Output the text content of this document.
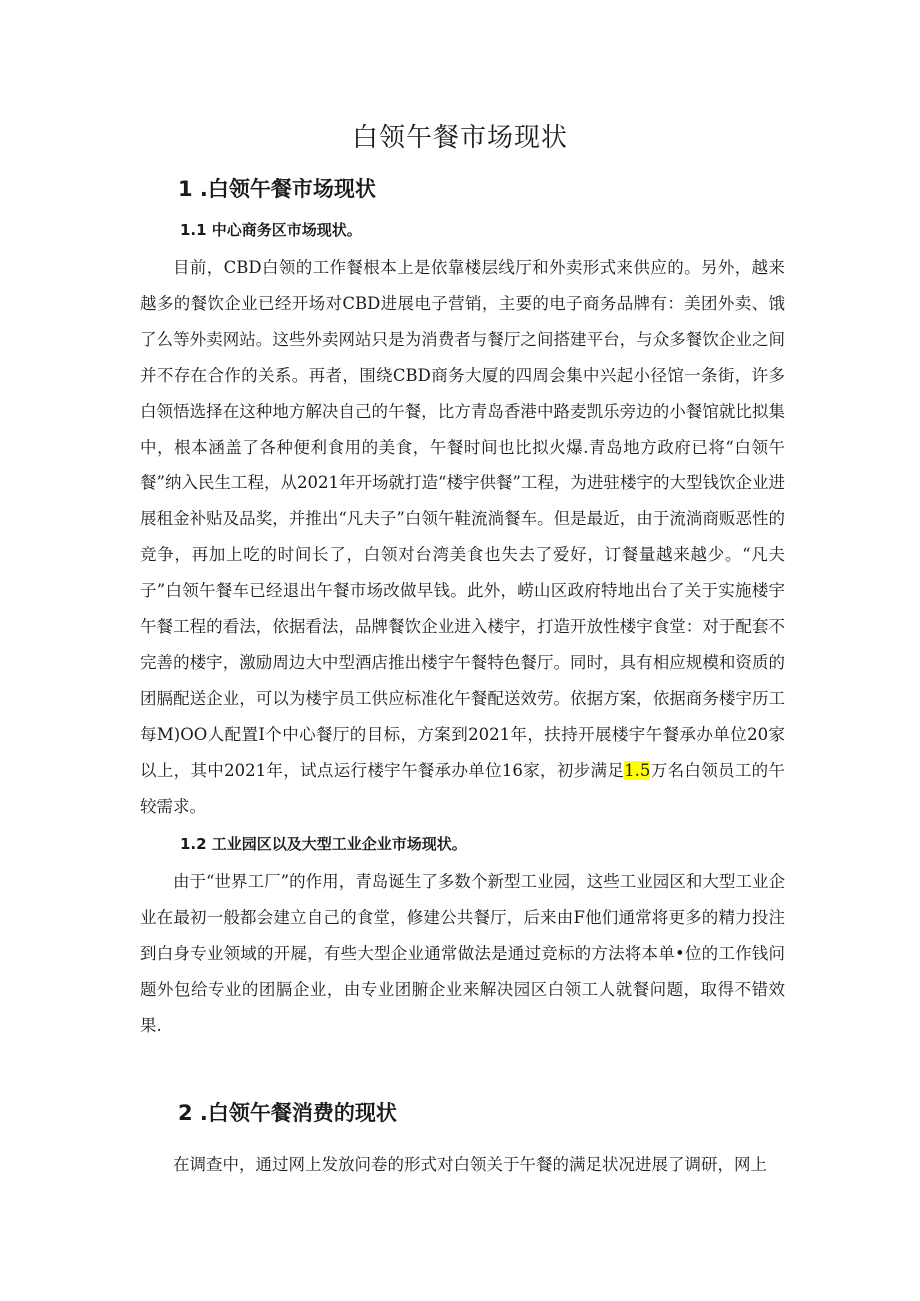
白领午餐市场现状
1 .白领午餐市场现状
1.1 中心商务区市场现状。

目前，CBD白领的工作餐根本上是依靠楼层线厅和外卖形式来供应的。另外，越来越多的餐饮企业已经开场对CBD进展电子营销，主要的电子商务品牌有：美团外卖、饿了么等外卖网站。这些外卖网站只是为消费者与餐厅之间搭建平台，与众多餐饮企业之间并不存在合作的关系。再者，围绕CBD商务大厦的四周会集中兴起小径馆一条街，许多白领悟选择在这种地方解决自己的午餐，比方青岛香港中路麦凯乐旁边的小餐馆就比拟集中，根本涵盖了各种便利食用的美食，午餐时间也比拟火爆.青岛地方政府已将“白领午餐”纳入民生工程，从2021年开场就打造“楼宇供餐”工程，为进驻楼宇的大型钱饮企业进展租金补贴及品奖，并推出“凡夫子”白领午鞋流淌餐车。但是最近，由于流淌商贩恶性的竞争，再加上吃的时间长了，白领对台湾美食也失去了爱好，订餐量越来越少。“凡夫子”白领午餐车已经退出午餐市场改做早钱。此外，崂山区政府特地出台了关于实施楼宇午餐工程的看法，依据看法，品牌餐饮企业进入楼宇，打造开放性楼宇食堂：对于配套不完善的楼宇，激励周边大中型酒店推出楼宇午餐特色餐厅。同时，具有相应规模和资质的团膈配送企业，可以为楼宇员工供应标准化午餐配送效劳。依据方案，依据商务楼宇历工每M)OO人配置I个中心餐厅的目标，方案到2021年，扶持开展楼宇午餐承办单位20家以上，其中2021年，试点运行楼宇午餐承办单位16家，初步满足1.5万名白领员工的午较需求。

1.2 工业园区以及大型工业企业市场现状。

由于“世界工厂”的作用，青岛诞生了多数个新型工业园，这些工业园区和大型工业企业在最初一般都会建立自己的食堂，修建公共餐厅，后来由F他们通常将更多的精力投注到白身专业领域的开屣，有些大型企业通常做法是通过竞标的方法将本单•位的工作钱问题外包给专业的团膈企业，由专业团腑企业来解决园区白领工人就餐问题，取得不错效果.

2 .白领午餐消费的现状

在调查中，通过网上发放问卷的形式对白领关于午餐的满足状况进展了调研，网上
